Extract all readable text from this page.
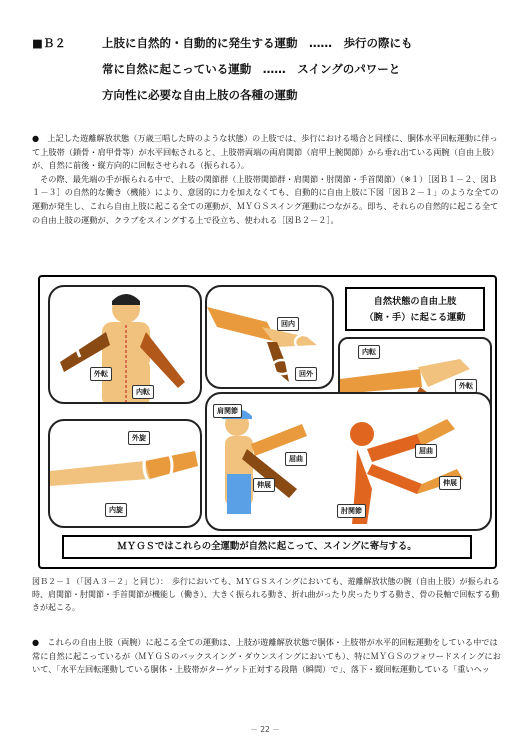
■Ｂ２	上肢に自然的・自動的に発生する運動　……　歩行の際にも
常に自然に起こっている運動　……　スイングのパワーと
方向性に必要な自由上肢の各種の運動

●　上記した遊離解放状態（万歳三唱した時のような状態）の上肢では、歩行における場合と同様に、胴体水平回転運動に伴って上肢帯（鎖骨・肩甲骨等）が水平回転されると、上肢帯両端の両肩関節（肩甲上腕関節）から垂れ出ている両腕（自由上肢）が、自然に前後・縦方向的に回転させられる（振られる）。

その際、最先端の手が振られる中で、上肢の関節群（上肢帯関節群・肩関節・肘関節・手首関節）（※１）［図Ｂ１－２、図Ｂ１－３］の自然的な働き（機能）により、意図的に力を加えなくても、自動的に自由上肢に下図「図Ｂ２－１」のような全ての運動が発生し、これら自由上肢に起こる全ての運動が、ＭＹＧＳスイング運動につながる。即ち、それらの自然的に起こる全ての自由上肢の運動が、クラブをスイングする上で役立ち、使われる［図Ｂ２－２］。

外転
内転
回内
回外
自然状態の自由上肢
（腕・手）に起こる運動
内転
外転
外旋
内旋
肩関節
屈曲
伸展
屈曲
伸展
肘関節
ＭＹＧＳではこれらの全運動が自然に起こって、スイングに寄与する。

図Ｂ２－１（「図Ａ３－２」と同じ）：　歩行においても、ＭＹＧＳスイングにおいても、遊離解放状態の腕（自由上肢）が振られる時、肩関節・肘関節・手首関節が機能し（働き）、大きく振られる動き、折れ曲がったり戻ったりする動き、骨の長軸で回転する動きが起こる。

●　これらの自由上肢（両腕）に起こる全ての運動は、上肢が遊離解放状態で胴体・上肢帯が水平的回転運動をしている中では常に自然に起こっているが（ＭＹＧＳのバックスイング・ダウンスイングにおいても）、特にＭＹＧＳのフォワードスイングにおいて、「水平左回転運動している胴体・上肢帯がターゲット正対する段階（瞬間）で」、落下・縦回転運動している「重いヘッ

－ 22 －
